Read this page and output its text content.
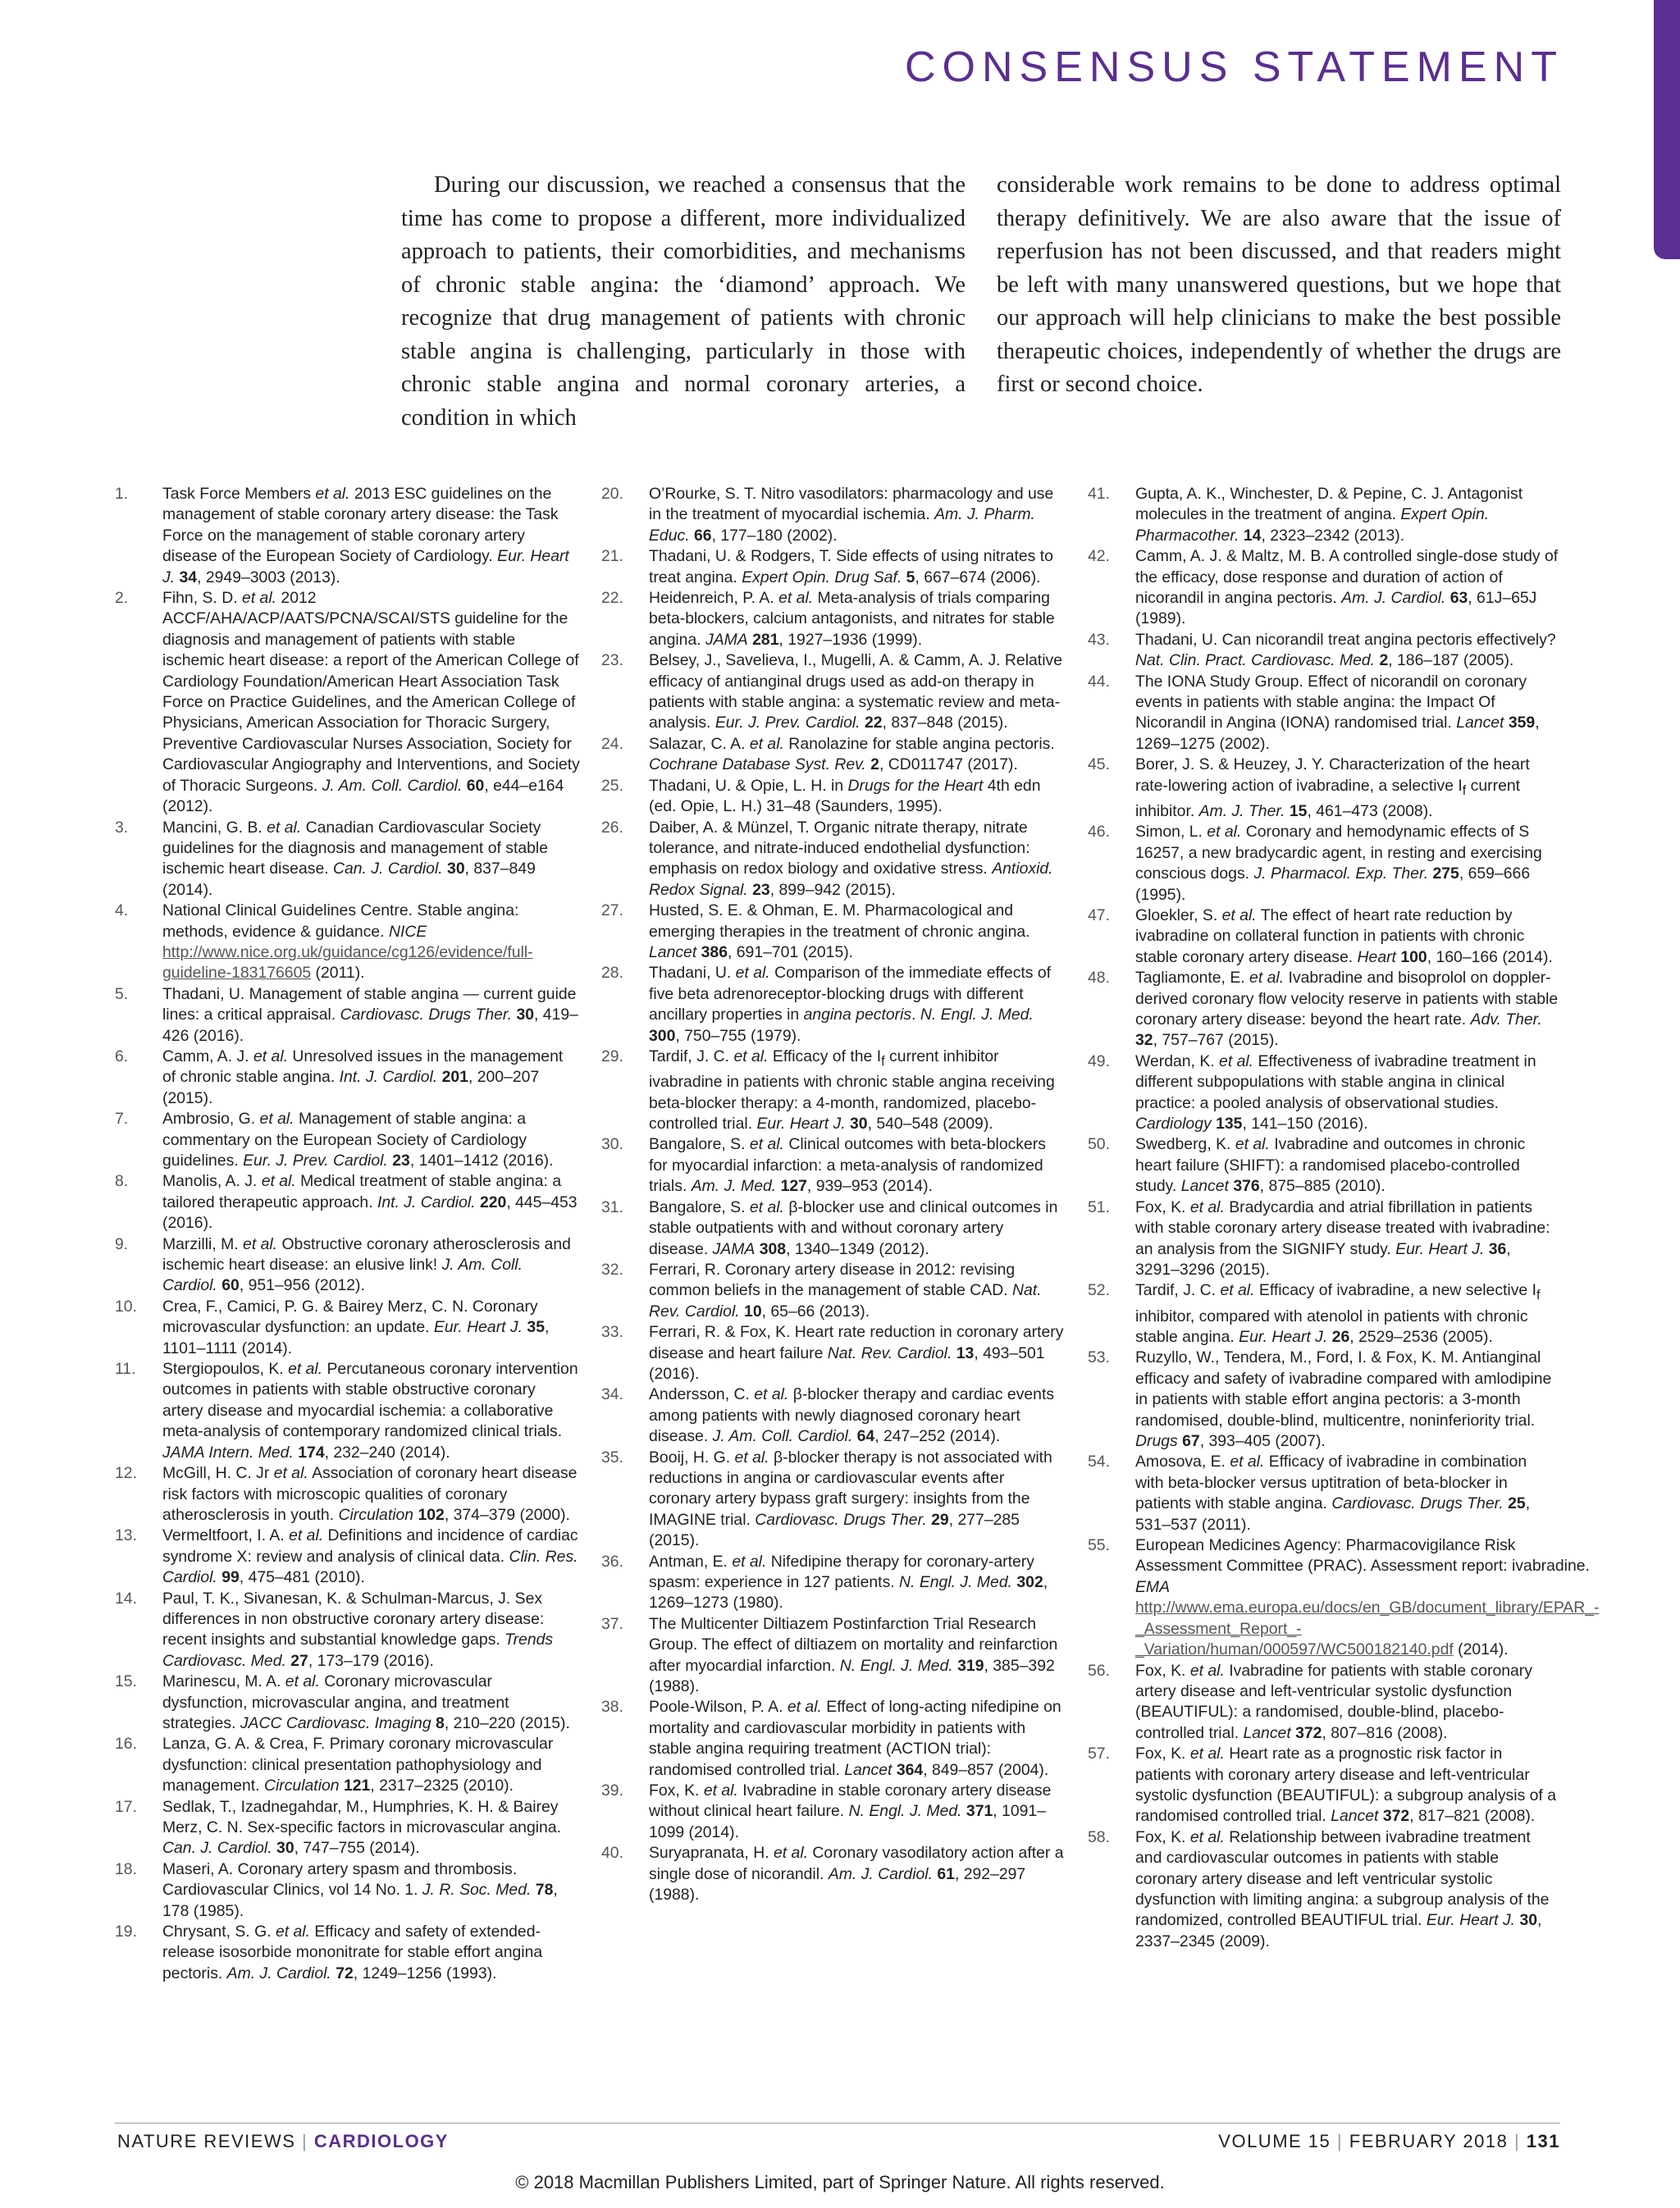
CONSENSUS STATEMENT

During our discussion, we reached a consensus that the time has come to propose a different, more individualized approach to patients, their comorbidities, and mechanisms of chronic stable angina: the ‘diamond’ approach. We recognize that drug management of patients with chronic stable angina is challenging, particularly in those with chronic stable angina and normal coronary arteries, a condition in which

considerable work remains to be done to address optimal therapy definitively. We are also aware that the issue of reperfusion has not been discussed, and that readers might be left with many unanswered questions, but we hope that our approach will help clinicians to make the best possible therapeutic choices, independently of whether the drugs are first or second choice.

1.	Task Force Members et al. 2013 ESC guidelines on the management of stable coronary artery disease: the Task Force on the management of stable coronary artery disease of the European Society of Cardiology. Eur. Heart J. 34, 2949–3003 (2013).
2.	Fihn, S. D. et al. 2012 ACCF/AHA/ACP/AATS/PCNA/SCAI/STS guideline for the diagnosis and management of patients with stable ischemic heart disease: a report of the American College of Cardiology Foundation/American Heart Association Task Force on Practice Guidelines, and the American College of Physicians, American Association for Thoracic Surgery, Preventive Cardiovascular Nurses Association, Society for Cardiovascular Angiography and Interventions, and Society of Thoracic Surgeons. J. Am. Coll. Cardiol. 60, e44–e164 (2012).
3.	Mancini, G. B. et al. Canadian Cardiovascular Society guidelines for the diagnosis and management of stable ischemic heart disease. Can. J. Cardiol. 30, 837–849 (2014).
4.	National Clinical Guidelines Centre. Stable angina: methods, evidence & guidance. NICE http://www.nice.org.uk/guidance/cg126/evidence/full-guideline-183176605 (2011).
5.	Thadani, U. Management of stable angina — current guide lines: a critical appraisal. Cardiovasc. Drugs Ther. 30, 419–426 (2016).
6.	Camm, A. J. et al. Unresolved issues in the management of chronic stable angina. Int. J. Cardiol. 201, 200–207 (2015).
7.	Ambrosio, G. et al. Management of stable angina: a commentary on the European Society of Cardiology guidelines. Eur. J. Prev. Cardiol. 23, 1401–1412 (2016).
8.	Manolis, A. J. et al. Medical treatment of stable angina: a tailored therapeutic approach. Int. J. Cardiol. 220, 445–453 (2016).
9.	Marzilli, M. et al. Obstructive coronary atherosclerosis and ischemic heart disease: an elusive link! J. Am. Coll. Cardiol. 60, 951–956 (2012).
10.	Crea, F., Camici, P. G. & Bairey Merz, C. N. Coronary microvascular dysfunction: an update. Eur. Heart J. 35, 1101–1111 (2014).
11.	Stergiopoulos, K. et al. Percutaneous coronary intervention outcomes in patients with stable obstructive coronary artery disease and myocardial ischemia: a collaborative meta-analysis of contemporary randomized clinical trials. JAMA Intern. Med. 174, 232–240 (2014).
12.	McGill, H. C. Jr et al. Association of coronary heart disease risk factors with microscopic qualities of coronary atherosclerosis in youth. Circulation 102, 374–379 (2000).
13.	Vermeltfoort, I. A. et al. Definitions and incidence of cardiac syndrome X: review and analysis of clinical data. Clin. Res. Cardiol. 99, 475–481 (2010).
14.	Paul, T. K., Sivanesan, K. & Schulman-Marcus, J. Sex differences in non obstructive coronary artery disease: recent insights and substantial knowledge gaps. Trends Cardiovasc. Med. 27, 173–179 (2016).
15.	Marinescu, M. A. et al. Coronary microvascular dysfunction, microvascular angina, and treatment strategies. JACC Cardiovasc. Imaging 8, 210–220 (2015).
16.	Lanza, G. A. & Crea, F. Primary coronary microvascular dysfunction: clinical presentation pathophysiology and management. Circulation 121, 2317–2325 (2010).
17.	Sedlak, T., Izadnegahdar, M., Humphries, K. H. & Bairey Merz, C. N. Sex-specific factors in microvascular angina. Can. J. Cardiol. 30, 747–755 (2014).
18.	Maseri, A. Coronary artery spasm and thrombosis. Cardiovascular Clinics, vol 14 No. 1. J. R. Soc. Med. 78, 178 (1985).
19.	Chrysant, S. G. et al. Efficacy and safety of extended-release isosorbide mononitrate for stable effort angina pectoris. Am. J. Cardiol. 72, 1249–1256 (1993).
20.	O’Rourke, S. T. Nitro vasodilators: pharmacology and use in the treatment of myocardial ischemia. Am. J. Pharm. Educ. 66, 177–180 (2002).
21.	Thadani, U. & Rodgers, T. Side effects of using nitrates to treat angina. Expert Opin. Drug Saf. 5, 667–674 (2006).
22.	Heidenreich, P. A. et al. Meta-analysis of trials comparing beta-blockers, calcium antagonists, and nitrates for stable angina. JAMA 281, 1927–1936 (1999).
23.	Belsey, J., Savelieva, I., Mugelli, A. & Camm, A. J. Relative efficacy of antianginal drugs used as add-on therapy in patients with stable angina: a systematic review and meta-analysis. Eur. J. Prev. Cardiol. 22, 837–848 (2015).
24.	Salazar, C. A. et al. Ranolazine for stable angina pectoris. Cochrane Database Syst. Rev. 2, CD011747 (2017).
25.	Thadani, U. & Opie, L. H. in Drugs for the Heart 4th edn (ed. Opie, L. H.) 31–48 (Saunders, 1995).
26.	Daiber, A. & Münzel, T. Organic nitrate therapy, nitrate tolerance, and nitrate-induced endothelial dysfunction: emphasis on redox biology and oxidative stress. Antioxid. Redox Signal. 23, 899–942 (2015).
27.	Husted, S. E. & Ohman, E. M. Pharmacological and emerging therapies in the treatment of chronic angina. Lancet 386, 691–701 (2015).
28.	Thadani, U. et al. Comparison of the immediate effects of five beta adrenoreceptor-blocking drugs with different ancillary properties in angina pectoris. N. Engl. J. Med. 300, 750–755 (1979).
29.	Tardif, J. C. et al. Efficacy of the $I_f$ current inhibitor ivabradine in patients with chronic stable angina receiving beta-blocker therapy: a 4-month, randomized, placebo-controlled trial. Eur. Heart J. 30, 540–548 (2009).
30.	Bangalore, S. et al. Clinical outcomes with beta-blockers for myocardial infarction: a meta-analysis of randomized trials. Am. J. Med. 127, 939–953 (2014).
31.	Bangalore, S. et al. β-blocker use and clinical outcomes in stable outpatients with and without coronary artery disease. JAMA 308, 1340–1349 (2012).
32.	Ferrari, R. Coronary artery disease in 2012: revising common beliefs in the management of stable CAD. Nat. Rev. Cardiol. 10, 65–66 (2013).
33.	Ferrari, R. & Fox, K. Heart rate reduction in coronary artery disease and heart failure Nat. Rev. Cardiol. 13, 493–501 (2016).
34.	Andersson, C. et al. β-blocker therapy and cardiac events among patients with newly diagnosed coronary heart disease. J. Am. Coll. Cardiol. 64, 247–252 (2014).
35.	Booij, H. G. et al. β-blocker therapy is not associated with reductions in angina or cardiovascular events after coronary artery bypass graft surgery: insights from the IMAGINE trial. Cardiovasc. Drugs Ther. 29, 277–285 (2015).
36.	Antman, E. et al. Nifedipine therapy for coronary-artery spasm: experience in 127 patients. N. Engl. J. Med. 302, 1269–1273 (1980).
37.	The Multicenter Diltiazem Postinfarction Trial Research Group. The effect of diltiazem on mortality and reinfarction after myocardial infarction. N. Engl. J. Med. 319, 385–392 (1988).
38.	Poole-Wilson, P. A. et al. Effect of long-acting nifedipine on mortality and cardiovascular morbidity in patients with stable angina requiring treatment (ACTION trial): randomised controlled trial. Lancet 364, 849–857 (2004).
39.	Fox, K. et al. Ivabradine in stable coronary artery disease without clinical heart failure. N. Engl. J. Med. 371, 1091–1099 (2014).
40.	Suryapranata, H. et al. Coronary vasodilatory action after a single dose of nicorandil. Am. J. Cardiol. 61, 292–297 (1988).
41.	Gupta, A. K., Winchester, D. & Pepine, C. J. Antagonist molecules in the treatment of angina. Expert Opin. Pharmacother. 14, 2323–2342 (2013).
42.	Camm, A. J. & Maltz, M. B. A controlled single-dose study of the efficacy, dose response and duration of action of nicorandil in angina pectoris. Am. J. Cardiol. 63, 61J–65J (1989).
43.	Thadani, U. Can nicorandil treat angina pectoris effectively? Nat. Clin. Pract. Cardiovasc. Med. 2, 186–187 (2005).
44.	The IONA Study Group. Effect of nicorandil on coronary events in patients with stable angina: the Impact Of Nicorandil in Angina (IONA) randomised trial. Lancet 359, 1269–1275 (2002).
45.	Borer, J. S. & Heuzey, J. Y. Characterization of the heart rate-lowering action of ivabradine, a selective $I_f$ current inhibitor. Am. J. Ther. 15, 461–473 (2008).
46.	Simon, L. et al. Coronary and hemodynamic effects of S 16257, a new bradycardic agent, in resting and exercising conscious dogs. J. Pharmacol. Exp. Ther. 275, 659–666 (1995).
47.	Gloekler, S. et al. The effect of heart rate reduction by ivabradine on collateral function in patients with chronic stable coronary artery disease. Heart 100, 160–166 (2014).
48.	Tagliamonte, E. et al. Ivabradine and bisoprolol on doppler-derived coronary flow velocity reserve in patients with stable coronary artery disease: beyond the heart rate. Adv. Ther. 32, 757–767 (2015).
49.	Werdan, K. et al. Effectiveness of ivabradine treatment in different subpopulations with stable angina in clinical practice: a pooled analysis of observational studies. Cardiology 135, 141–150 (2016).
50.	Swedberg, K. et al. Ivabradine and outcomes in chronic heart failure (SHIFT): a randomised placebo-controlled study. Lancet 376, 875–885 (2010).
51.	Fox, K. et al. Bradycardia and atrial fibrillation in patients with stable coronary artery disease treated with ivabradine: an analysis from the SIGNIFY study. Eur. Heart J. 36, 3291–3296 (2015).
52.	Tardif, J. C. et al. Efficacy of ivabradine, a new selective $I_f$ inhibitor, compared with atenolol in patients with chronic stable angina. Eur. Heart J. 26, 2529–2536 (2005).
53.	Ruzyllo, W., Tendera, M., Ford, I. & Fox, K. M. Antianginal efficacy and safety of ivabradine compared with amlodipine in patients with stable effort angina pectoris: a 3-month randomised, double-blind, multicentre, noninferiority trial. Drugs 67, 393–405 (2007).
54.	Amosova, E. et al. Efficacy of ivabradine in combination with beta-blocker versus uptitration of beta-blocker in patients with stable angina. Cardiovasc. Drugs Ther. 25, 531–537 (2011).
55.	European Medicines Agency: Pharmacovigilance Risk Assessment Committee (PRAC). Assessment report: ivabradine. EMA http://www.ema.europa.eu/docs/en_GB/document_library/EPAR_-_Assessment_Report_-_Variation/human/000597/WC500182140.pdf (2014).
56.	Fox, K. et al. Ivabradine for patients with stable coronary artery disease and left-ventricular systolic dysfunction (BEAUTIFUL): a randomised, double-blind, placebo-controlled trial. Lancet 372, 807–816 (2008).
57.	Fox, K. et al. Heart rate as a prognostic risk factor in patients with coronary artery disease and left-ventricular systolic dysfunction (BEAUTIFUL): a subgroup analysis of a randomised controlled trial. Lancet 372, 817–821 (2008).
58.	Fox, K. et al. Relationship between ivabradine treatment and cardiovascular outcomes in patients with stable coronary artery disease and left ventricular systolic dysfunction with limiting angina: a subgroup analysis of the randomized, controlled BEAUTIFUL trial. Eur. Heart J. 30, 2337–2345 (2009).
NATURE REVIEWS | CARDIOLOGY	VOLUME 15 | FEBRUARY 2018 | 131
© 2018 Macmillan Publishers Limited, part of Springer Nature. All rights reserved.
